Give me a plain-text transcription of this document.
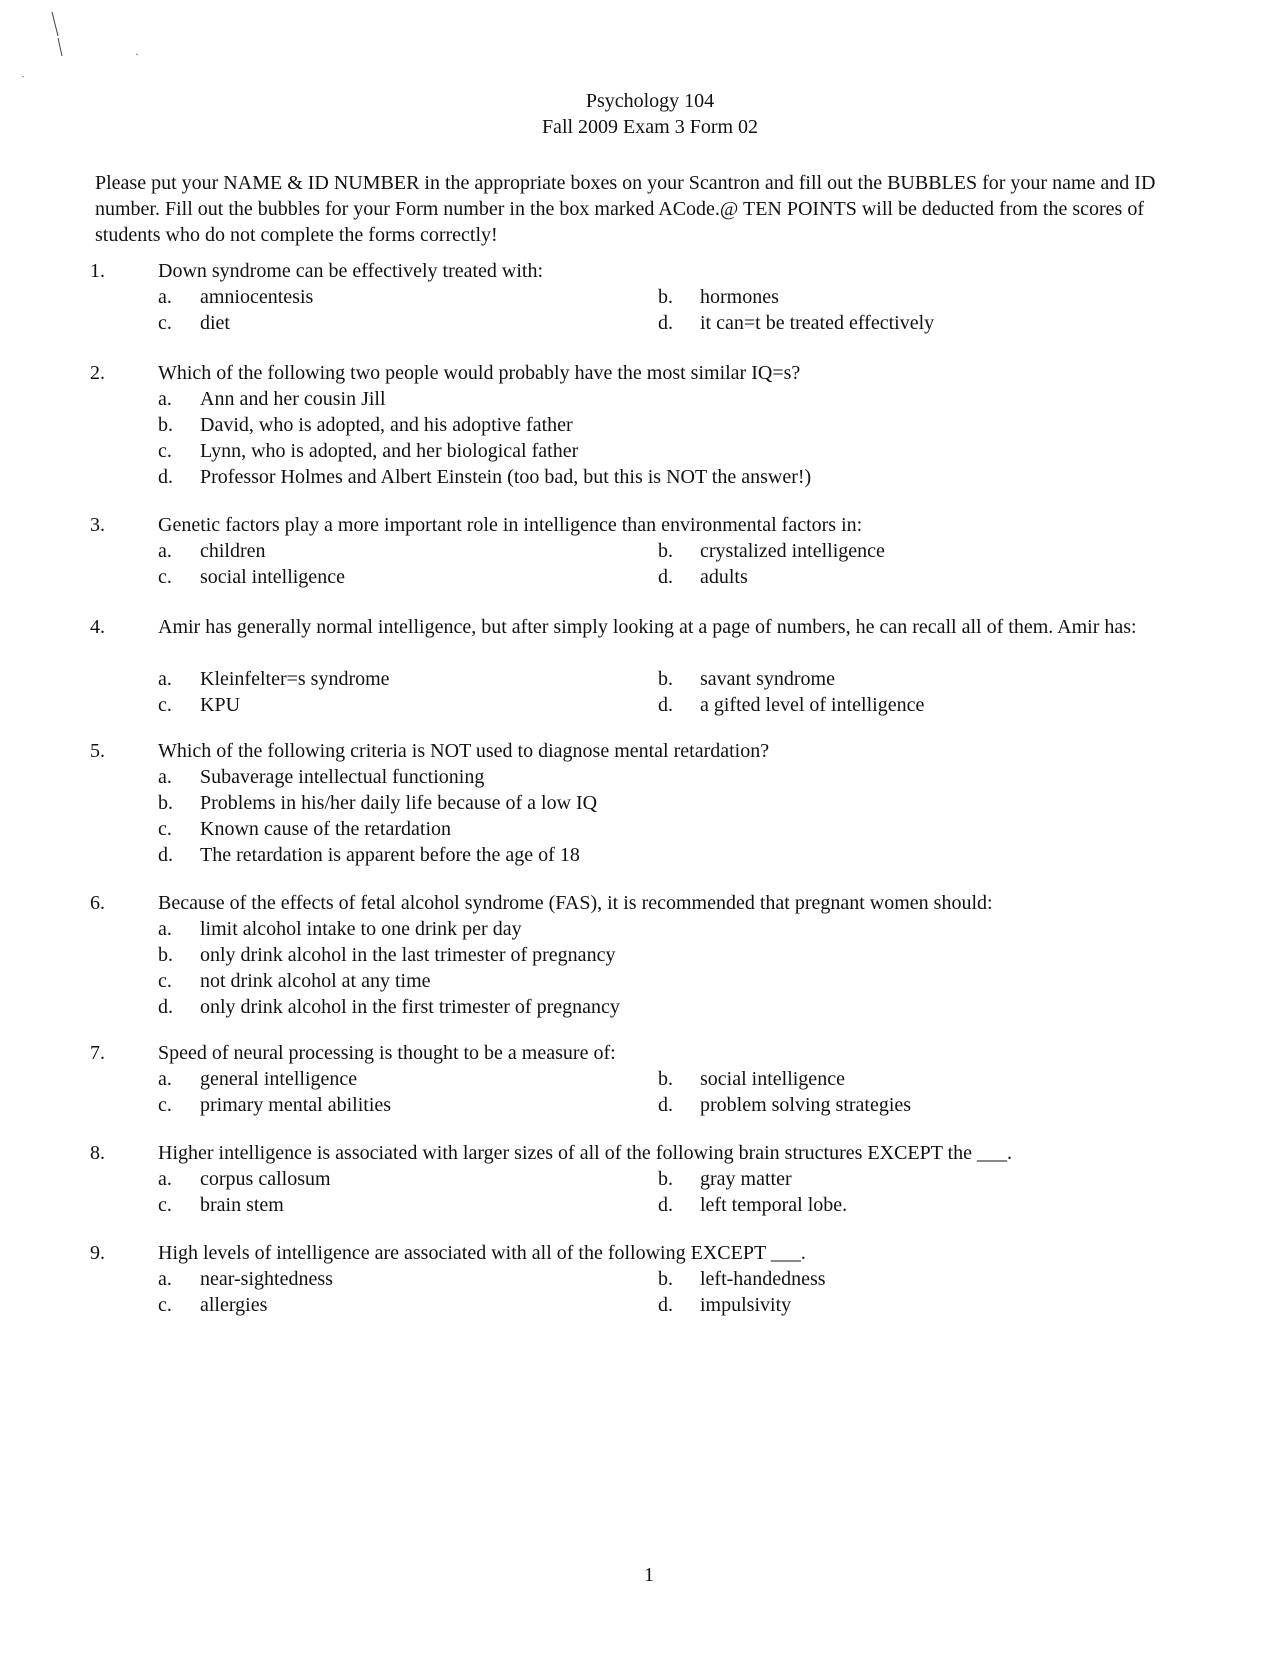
Psychology 104
Fall 2009 Exam 3 Form 02
Please put your NAME & ID NUMBER in the appropriate boxes on your Scantron and fill out the BUBBLES for your name and ID number. Fill out the bubbles for your Form number in the box marked ACode.@ TEN POINTS will be deducted from the scores of students who do not complete the forms correctly!
1.	Down syndrome can be effectively treated with:
a. amniocentesis	b. hormones
c. diet	d. it can=t be treated effectively
2.	Which of the following two people would probably have the most similar IQ=s?
a. Ann and her cousin Jill
b. David, who is adopted, and his adoptive father
c. Lynn, who is adopted, and her biological father
d. Professor Holmes and Albert Einstein (too bad, but this is NOT the answer!)
3.	Genetic factors play a more important role in intelligence than environmental factors in:
a. children	b. crystalized intelligence
c. social intelligence	d. adults
4.	Amir has generally normal intelligence, but after simply looking at a page of numbers, he can recall all of them. Amir has:
a. Kleinfelter=s syndrome	b. savant syndrome
c. KPU	d. a gifted level of intelligence
5.	Which of the following criteria is NOT used to diagnose mental retardation?
a. Subaverage intellectual functioning
b. Problems in his/her daily life because of a low IQ
c. Known cause of the retardation
d. The retardation is apparent before the age of 18
6.	Because of the effects of fetal alcohol syndrome (FAS), it is recommended that pregnant women should:
a. limit alcohol intake to one drink per day
b. only drink alcohol in the last trimester of pregnancy
c. not drink alcohol at any time
d. only drink alcohol in the first trimester of pregnancy
7.	Speed of neural processing is thought to be a measure of:
a. general intelligence	b. social intelligence
c. primary mental abilities	d. problem solving strategies
8.	Higher intelligence is associated with larger sizes of all of the following brain structures EXCEPT the ___.
a. corpus callosum	b. gray matter
c. brain stem	d. left temporal lobe.
9.	High levels of intelligence are associated with all of the following EXCEPT ___.
a. near-sightedness	b. left-handedness
c. allergies	d. impulsivity
1
